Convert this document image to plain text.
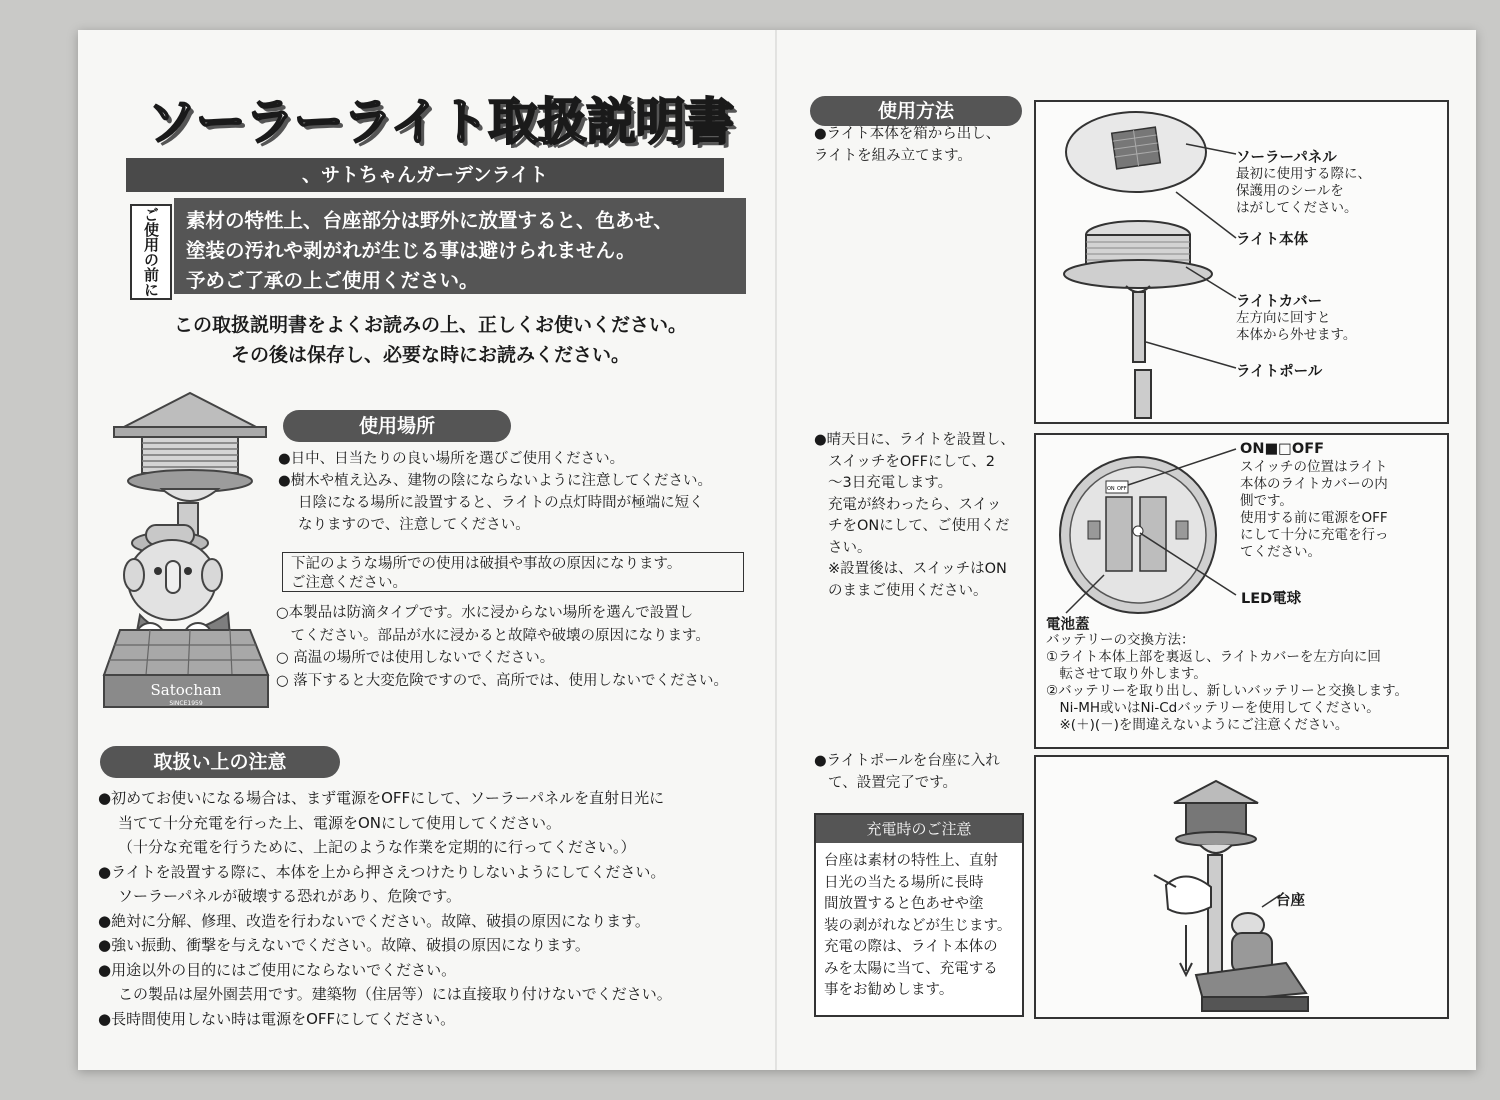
ソーラーライト取扱説明書
、サトちゃんガーデンライト
ご使用の前に	素材の特性上、台座部分は野外に放置すると、色あせ、
塗装の汚れや剥がれが生じる事は避けられません。
予めご了承の上ご使用ください。
この取扱説明書をよくお読みの上、正しくお使いください。
その後は保存し、必要な時にお読みください。
Satochan
SINCE1959
使用場所
●日中、日当たりの良い場所を選びご使用ください。
●樹木や植え込み、建物の陰にならないように注意してください。
日陰になる場所に設置すると、ライトの点灯時間が極端に短く
なりますので、注意してください。
下記のような場所での使用は破損や事故の原因になります。
ご注意ください。
○本製品は防滴タイプです。水に浸からない場所を選んで設置し
　てください。部品が水に浸かると故障や破壊の原因になります。
○ 高温の場所では使用しないでください。
○ 落下すると大変危険ですので、高所では、使用しないでください。
取扱い上の注意
●初めてお使いになる場合は、まず電源をOFFにして、ソーラーパネルを直射日光に
当てて十分充電を行った上、電源をONにして使用してください。
（十分な充電を行うために、上記のような作業を定期的に行ってください。）
●ライトを設置する際に、本体を上から押さえつけたりしないようにしてください。
ソーラーパネルが破壊する恐れがあり、危険です。
●絶対に分解、修理、改造を行わないでください。故障、破損の原因になります。
●強い振動、衝撃を与えないでください。故障、破損の原因になります。
●用途以外の目的にはご使用にならないでください。
この製品は屋外園芸用です。建築物（住居等）には直接取り付けないでください。
●長時間使用しない時は電源をOFFにしてください。
使用方法
●ライト本体を箱から出し、
ライトを組み立てます。	ソーラーパネル
最初に使用する際に、
保護用のシールを
はがしてください。
ライト本体
ライトカバー
左方向に回すと
本体から外せます。
ライトポール
●晴天日に、ライトを設置し、
スイッチをOFFにして、2
～3日充電します。
充電が終わったら、スイッ
チをONにして、ご使用くだ
さい。
※設置後は、スイッチはON
のままご使用ください。
ON OFF
ON■□OFF
スイッチの位置はライト
本体のライトカバーの内
側です。
使用する前に電源をOFF
にして十分に充電を行っ
てください。
LED電球
電池蓋
バッテリーの交換方法：
①ライト本体上部を裏返し、ライトカバーを左方向に回
　転させて取り外します。
②バッテリーを取り出し、新しいバッテリーと交換します。
　Ni-MH或いはNi-Cdバッテリーを使用してください。
　※(＋)(－)を間違えないようにご注意ください。
●ライトポールを台座に入れ
て、設置完了です。
充電時のご注意
台座は素材の特性上、直射
日光の当たる場所に長時
間放置すると色あせや塗
装の剥がれなどが生じます。
充電の際は、ライト本体の
みを太陽に当て、充電する
事をお勧めします。
台座
